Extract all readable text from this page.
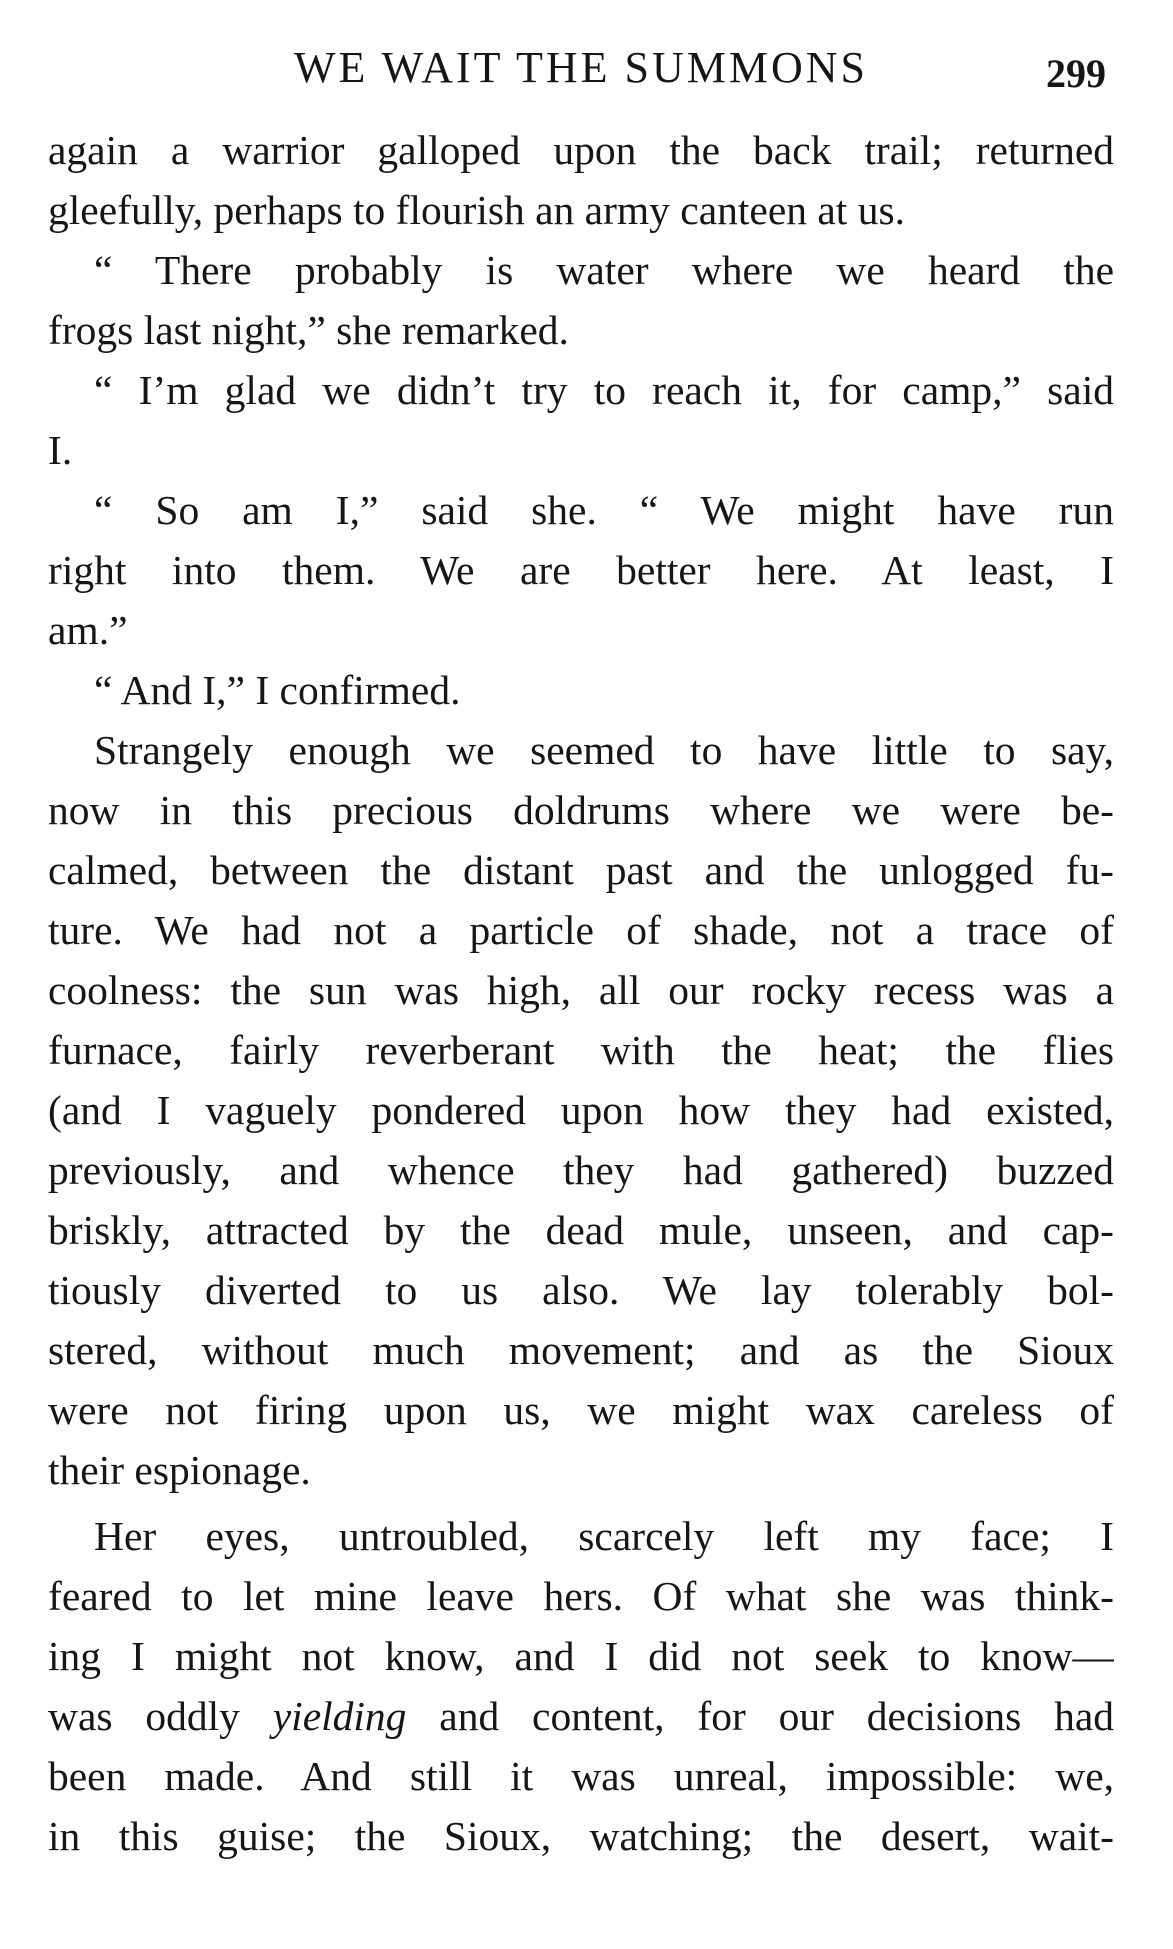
WE WAIT THE SUMMONS	299
again a warrior galloped upon the back trail; returned
gleefully, perhaps to flourish an army canteen at us.
“ There probably is water where we heard the
frogs last night,” she remarked.
“ I’m glad we didn’t try to reach it, for camp,” said
I.
“ So am I,” said she. “ We might have run
right into them. We are better here. At least, I
am.”
“ And I,” I confirmed.
Strangely enough we seemed to have little to say,
now in this precious doldrums where we were be-
calmed, between the distant past and the unlogged fu-
ture. We had not a particle of shade, not a trace of
coolness: the sun was high, all our rocky recess was a
furnace, fairly reverberant with the heat; the flies
(and I vaguely pondered upon how they had existed,
previously, and whence they had gathered) buzzed
briskly, attracted by the dead mule, unseen, and cap-
tiously diverted to us also. We lay tolerably bol-
stered, without much movement; and as the Sioux
were not firing upon us, we might wax careless of
their espionage.
Her eyes, untroubled, scarcely left my face; I
feared to let mine leave hers. Of what she was think-
ing I might not know, and I did not seek to know—
was oddly yielding and content, for our decisions had
been made. And still it was unreal, impossible: we,
in this guise; the Sioux, watching; the desert, wait-
